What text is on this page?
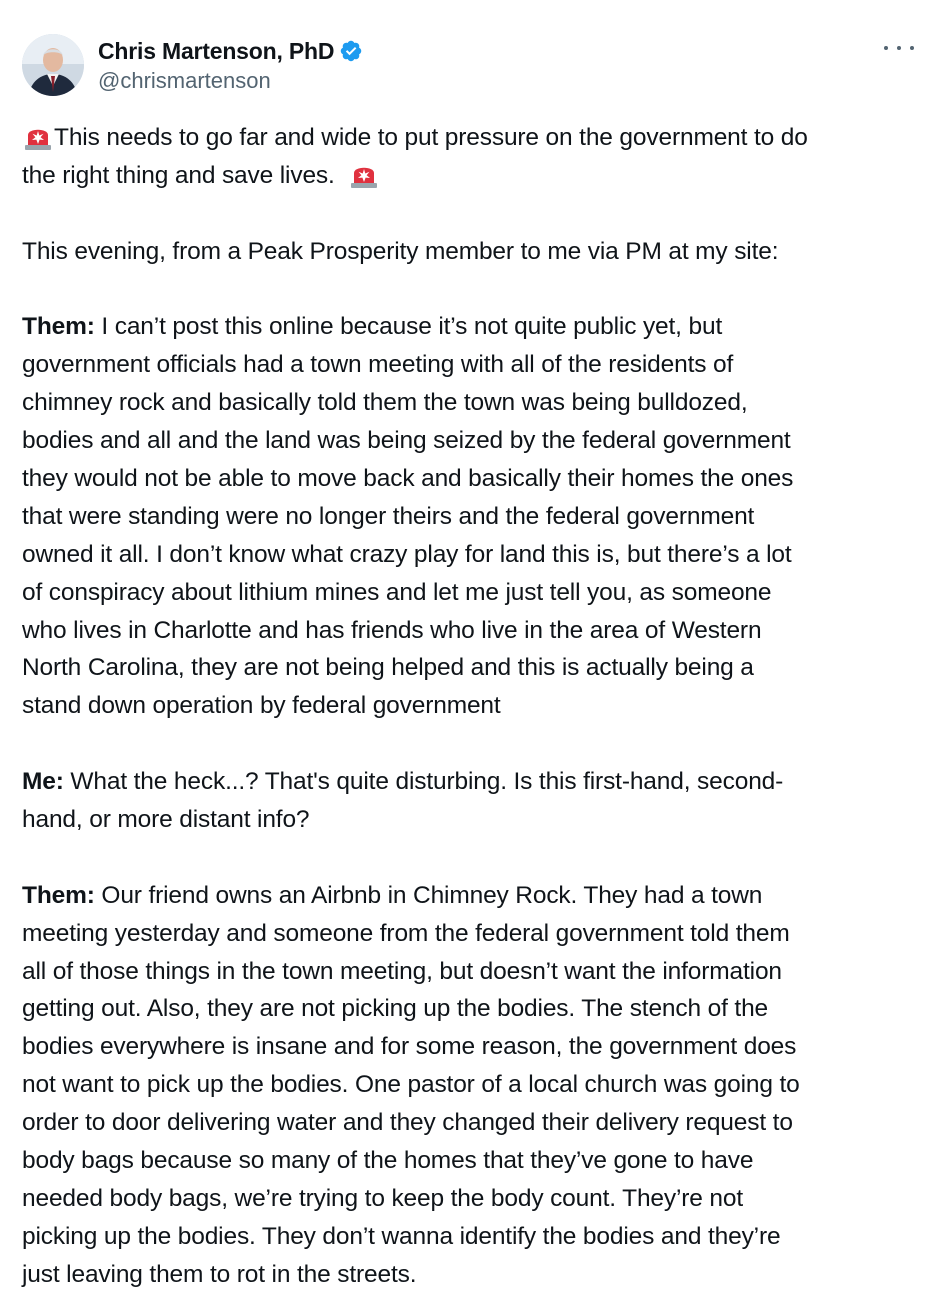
Chris Martenson, PhD
@chrismartenson
This needs to go far and wide to put pressure on the government to do
the right thing and save lives.
This evening, from a Peak Prosperity member to me via PM at my site:
Them: I can’t post this online because it’s not quite public yet, but
government officials had a town meeting with all of the residents of
chimney rock and basically told them the town was being bulldozed,
bodies and all and the land was being seized by the federal government
they would not be able to move back and basically their homes the ones
that were standing were no longer theirs and the federal government
owned it all. I don’t know what crazy play for land this is, but there’s a lot
of conspiracy about lithium mines and let me just tell you, as someone
who lives in Charlotte and has friends who live in the area of Western
North Carolina, they are not being helped and this is actually being a
stand down operation by federal government
Me: What the heck...? That's quite disturbing. Is this first-hand, second-
hand, or more distant info?
Them: Our friend owns an Airbnb in Chimney Rock. They had a town
meeting yesterday and someone from the federal government told them
all of those things in the town meeting, but doesn’t want the information
getting out. Also, they are not picking up the bodies. The stench of the
bodies everywhere is insane and for some reason, the government does
not want to pick up the bodies. One pastor of a local church was going to
order to door delivering water and they changed their delivery request to
body bags because so many of the homes that they’ve gone to have
needed body bags, we’re trying to keep the body count. They’re not
picking up the bodies. They don’t wanna identify the bodies and they’re
just leaving them to rot in the streets.
